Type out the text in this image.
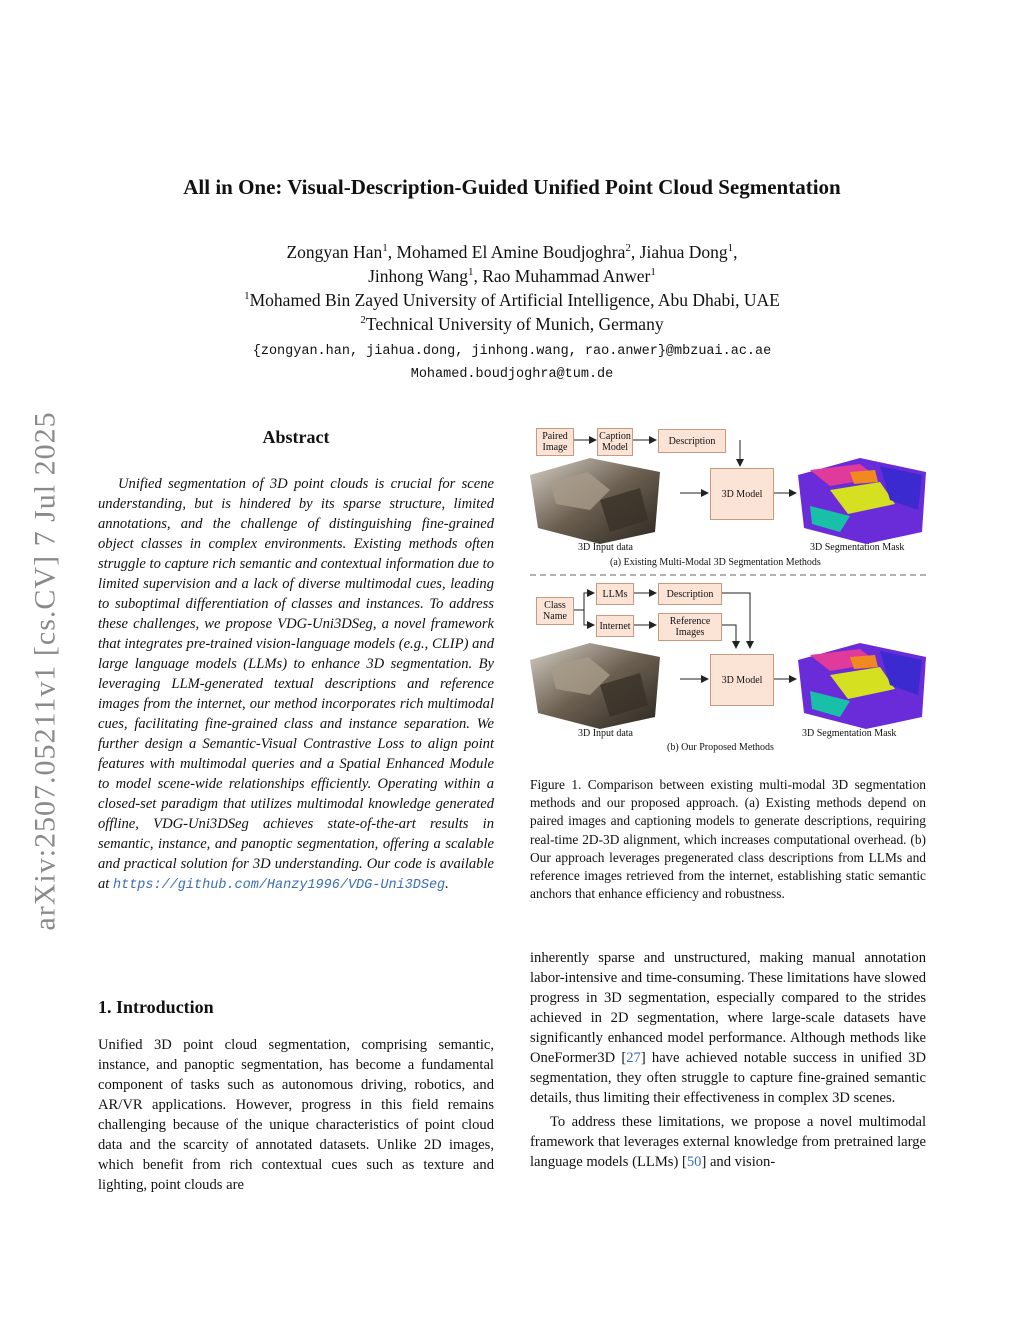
arXiv:2507.05211v1 [cs.CV] 7 Jul 2025
All in One: Visual-Description-Guided Unified Point Cloud Segmentation
Zongyan Han$^1$, Mohamed El Amine Boudjoghra$^2$, Jiahua Dong$^1$,
Jinhong Wang$^1$, Rao Muhammad Anwer$^1$
$^1$Mohamed Bin Zayed University of Artificial Intelligence, Abu Dhabi, UAE
$^2$Technical University of Munich, Germany
{zongyan.han, jiahua.dong, jinhong.wang, rao.anwer}@mbzuai.ac.ae
Mohamed.boudjoghra@tum.de
Abstract
Unified segmentation of 3D point clouds is crucial for scene understanding, but is hindered by its sparse structure, limited annotations, and the challenge of distinguishing fine-grained object classes in complex environments. Existing methods often struggle to capture rich semantic and contextual information due to limited supervision and a lack of diverse multimodal cues, leading to suboptimal differentiation of classes and instances. To address these challenges, we propose VDG-Uni3DSeg, a novel framework that integrates pre-trained vision-language models (e.g., CLIP) and large language models (LLMs) to enhance 3D segmentation. By leveraging LLM-generated textual descriptions and reference images from the internet, our method incorporates rich multimodal cues, facilitating fine-grained class and instance separation. We further design a Semantic-Visual Contrastive Loss to align point features with multimodal queries and a Spatial Enhanced Module to model scene-wide relationships efficiently. Operating within a closed-set paradigm that utilizes multimodal knowledge generated offline, VDG-Uni3DSeg achieves state-of-the-art results in semantic, instance, and panoptic segmentation, offering a scalable and practical solution for 3D understanding. Our code is available at https://github.com/Hanzy1996/VDG-Uni3DSeg.
1. Introduction

Unified 3D point cloud segmentation, comprising semantic, instance, and panoptic segmentation, has become a fundamental component of tasks such as autonomous driving, robotics, and AR/VR applications. However, progress in this field remains challenging because of the unique characteristics of point cloud data and the scarcity of annotated datasets. Unlike 2D images, which benefit from rich contextual cues such as texture and lighting, point clouds are

Paired Image
Caption Model
Description
3D Model
3D Input data	3D Segmentation Mask
(a) Existing Multi-Modal 3D Segmentation Methods
Class Name
LLMs
Internet
Description
Reference Images
3D Model
3D Input data	3D Segmentation Mask
(b) Our Proposed Methods
Figure 1. Comparison between existing multi-modal 3D segmentation methods and our proposed approach. (a) Existing methods depend on paired images and captioning models to generate descriptions, requiring real-time 2D-3D alignment, which increases computational overhead. (b) Our approach leverages pregenerated class descriptions from LLMs and reference images retrieved from the internet, establishing static semantic anchors that enhance efficiency and robustness.

inherently sparse and unstructured, making manual annotation labor-intensive and time-consuming. These limitations have slowed progress in 3D segmentation, especially compared to the strides achieved in 2D segmentation, where large-scale datasets have significantly enhanced model performance. Although methods like OneFormer3D [27] have achieved notable success in unified 3D segmentation, they often struggle to capture fine-grained semantic details, thus limiting their effectiveness in complex 3D scenes.

To address these limitations, we propose a novel multimodal framework that leverages external knowledge from pretrained large language models (LLMs) [50] and vision-
